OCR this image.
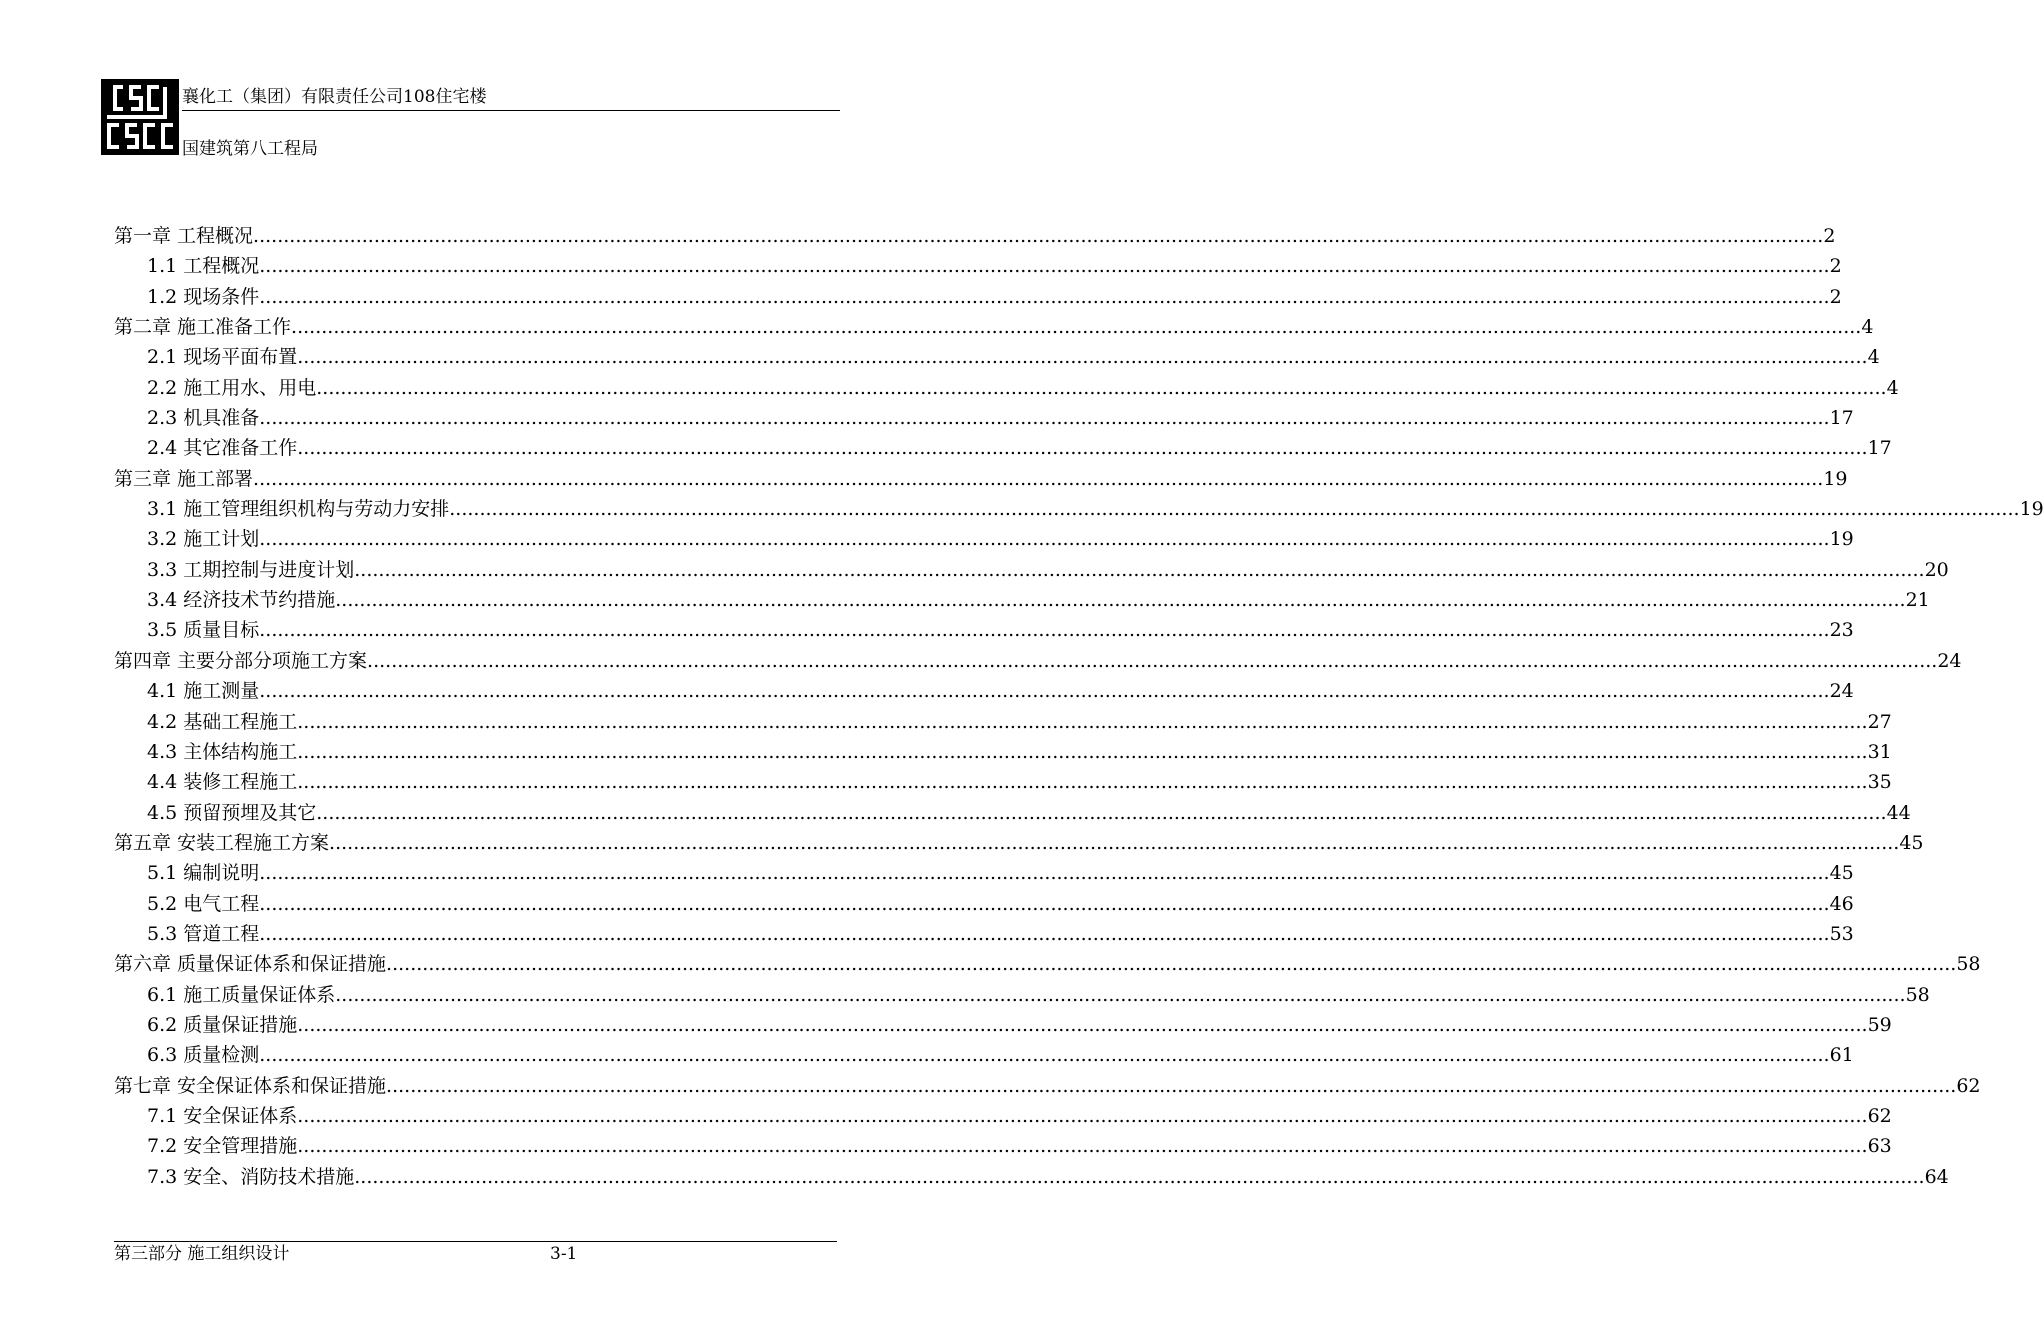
襄化工（集团）有限责任公司108住宅楼
国建筑第八工程局
第一章 工程概况 .................................................................................................................................................................................................................................................................... 2
1.1 工程概况 .................................................................................................................................................................................................................................................................... 2
1.2 现场条件 .................................................................................................................................................................................................................................................................... 2
第二章 施工准备工作 .................................................................................................................................................................................................................................................................... 4
2.1 现场平面布置 .................................................................................................................................................................................................................................................................... 4
2.2 施工用水、用电 .................................................................................................................................................................................................................................................................... 4
2.3 机具准备 .................................................................................................................................................................................................................................................................... 17
2.4 其它准备工作 .................................................................................................................................................................................................................................................................... 17
第三章 施工部署 .................................................................................................................................................................................................................................................................... 19
3.1 施工管理组织机构与劳动力安排 .................................................................................................................................................................................................................................................................... 19
3.2 施工计划 .................................................................................................................................................................................................................................................................... 19
3.3 工期控制与进度计划 .................................................................................................................................................................................................................................................................... 20
3.4 经济技术节约措施 .................................................................................................................................................................................................................................................................... 21
3.5 质量目标 .................................................................................................................................................................................................................................................................... 23
第四章 主要分部分项施工方案 .................................................................................................................................................................................................................................................................... 24
4.1 施工测量 .................................................................................................................................................................................................................................................................... 24
4.2 基础工程施工 .................................................................................................................................................................................................................................................................... 27
4.3 主体结构施工 .................................................................................................................................................................................................................................................................... 31
4.4 装修工程施工 .................................................................................................................................................................................................................................................................... 35
4.5 预留预埋及其它 .................................................................................................................................................................................................................................................................... 44
第五章 安装工程施工方案 .................................................................................................................................................................................................................................................................... 45
5.1 编制说明 .................................................................................................................................................................................................................................................................... 45
5.2 电气工程 .................................................................................................................................................................................................................................................................... 46
5.3 管道工程 .................................................................................................................................................................................................................................................................... 53
第六章 质量保证体系和保证措施 .................................................................................................................................................................................................................................................................... 58
6.1 施工质量保证体系 .................................................................................................................................................................................................................................................................... 58
6.2 质量保证措施 .................................................................................................................................................................................................................................................................... 59
6.3 质量检测 .................................................................................................................................................................................................................................................................... 61
第七章 安全保证体系和保证措施 .................................................................................................................................................................................................................................................................... 62
7.1 安全保证体系 .................................................................................................................................................................................................................................................................... 62
7.2 安全管理措施 .................................................................................................................................................................................................................................................................... 63
7.3 安全、消防技术措施 .................................................................................................................................................................................................................................................................... 64
第三部分 施工组织设计	3-1
